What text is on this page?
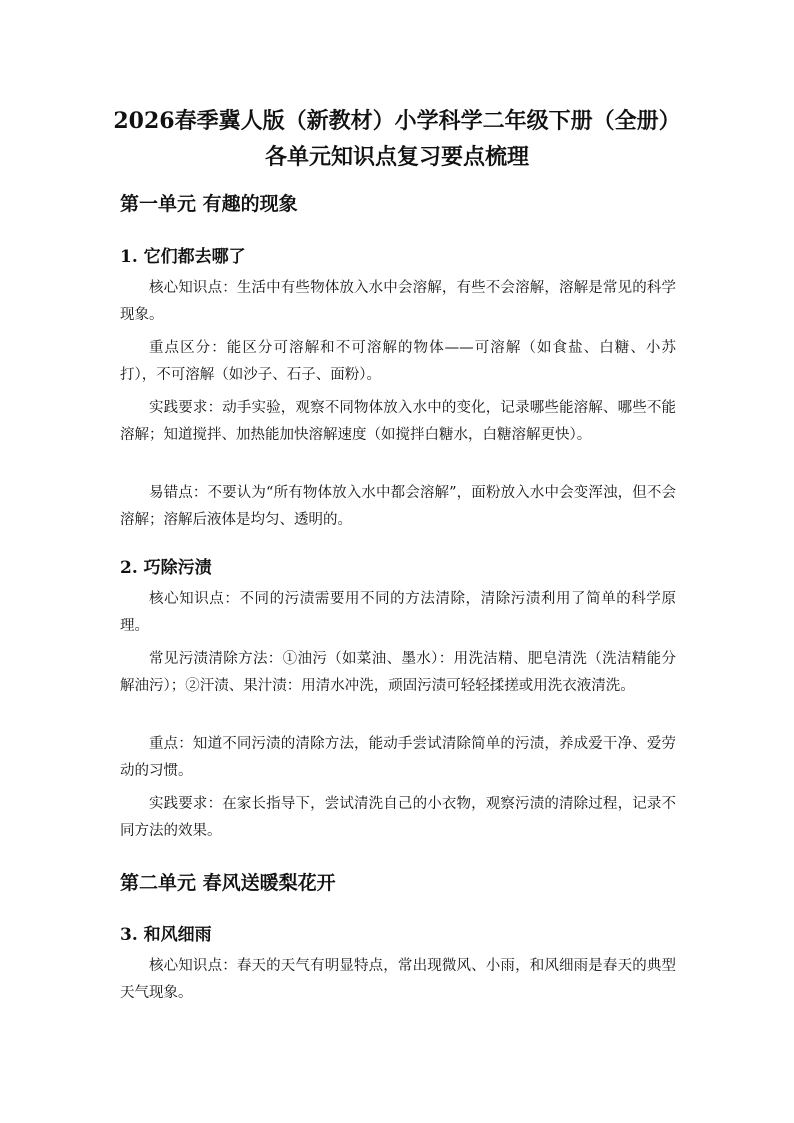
2026春季冀人版（新教材）小学科学二年级下册（全册）各单元知识点复习要点梳理
第一单元 有趣的现象
1. 它们都去哪了

核心知识点：生活中有些物体放入水中会溶解，有些不会溶解，溶解是常见的科学现象。

重点区分：能区分可溶解和不可溶解的物体——可溶解（如食盐、白糖、小苏打），不可溶解（如沙子、石子、面粉）。

实践要求：动手实验，观察不同物体放入水中的变化，记录哪些能溶解、哪些不能溶解；知道搅拌、加热能加快溶解速度（如搅拌白糖水，白糖溶解更快）。

易错点：不要认为“所有物体放入水中都会溶解”，面粉放入水中会变浑浊，但不会溶解；溶解后液体是均匀、透明的。

2. 巧除污渍

核心知识点：不同的污渍需要用不同的方法清除，清除污渍利用了简单的科学原理。

常见污渍清除方法：①油污（如菜油、墨水）：用洗洁精、肥皂清洗（洗洁精能分解油污）；②汗渍、果汁渍：用清水冲洗，顽固污渍可轻轻揉搓或用洗衣液清洗。

重点：知道不同污渍的清除方法，能动手尝试清除简单的污渍，养成爱干净、爱劳动的习惯。

实践要求：在家长指导下，尝试清洗自己的小衣物，观察污渍的清除过程，记录不同方法的效果。

第二单元 春风送暖梨花开
3. 和风细雨

核心知识点：春天的天气有明显特点，常出现微风、小雨，和风细雨是春天的典型天气现象。
